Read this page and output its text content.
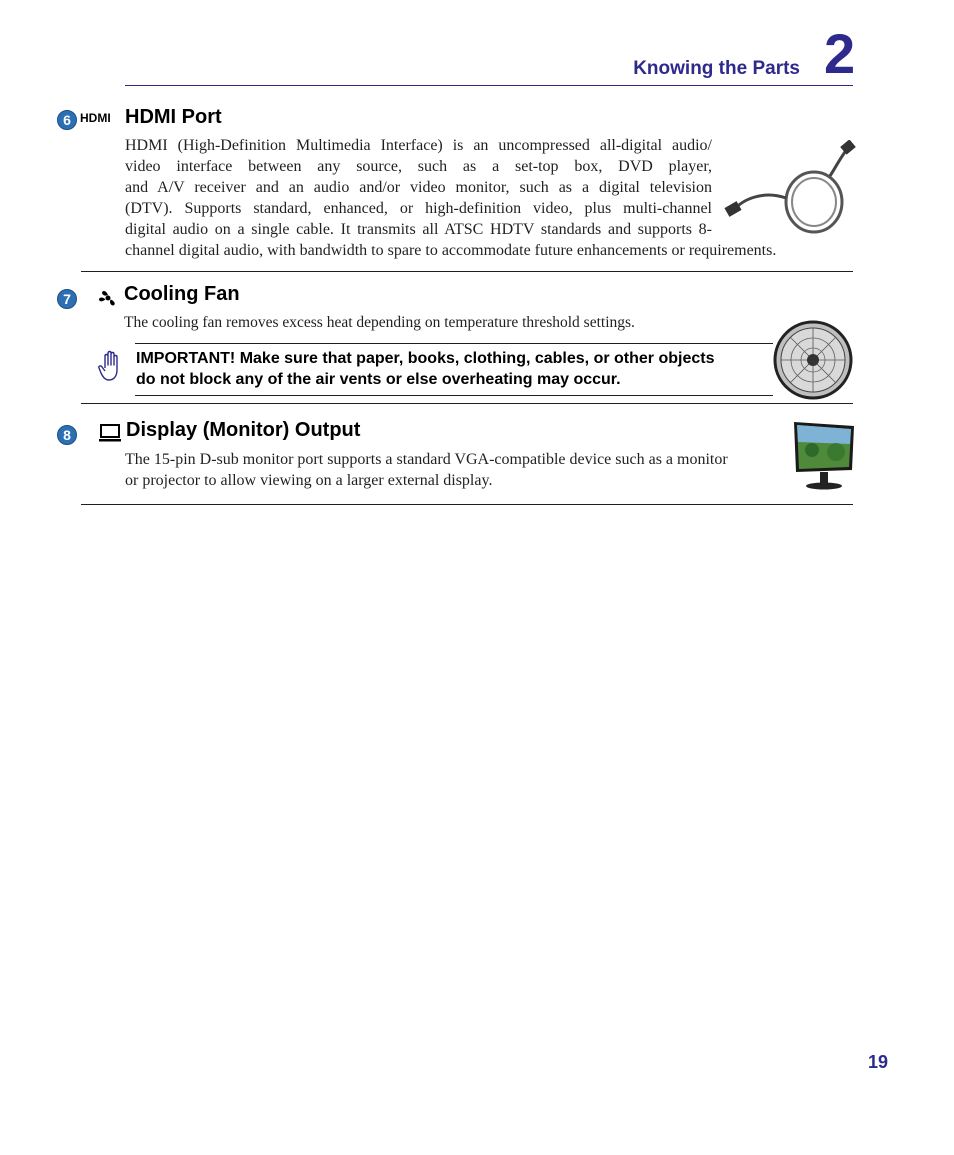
Knowing the Parts 2
6 HDMI HDMI Port
HDMI (High-Definition Multimedia Interface) is an uncompressed all-digital audio/
video interface between any source, such as a set-top box, DVD player,
and A/V receiver and an audio and/or video monitor, such as a digital television
(DTV). Supports standard, enhanced, or high-definition video, plus multi-channel
digital audio on a single cable. It transmits all ATSC HDTV standards and supports 8-
channel digital audio, with bandwidth to spare to accommodate future enhancements or requirements.
7	Cooling Fan
The cooling fan removes excess heat depending on temperature threshold settings.
IMPORTANT! Make sure that paper, books, clothing, cables, or other objects
do not block any of the air vents or else overheating may occur.
8	Display (Monitor) Output
The 15-pin D-sub monitor port supports a standard VGA-compatible device such as a monitor
or projector to allow viewing on a larger external display.
19
